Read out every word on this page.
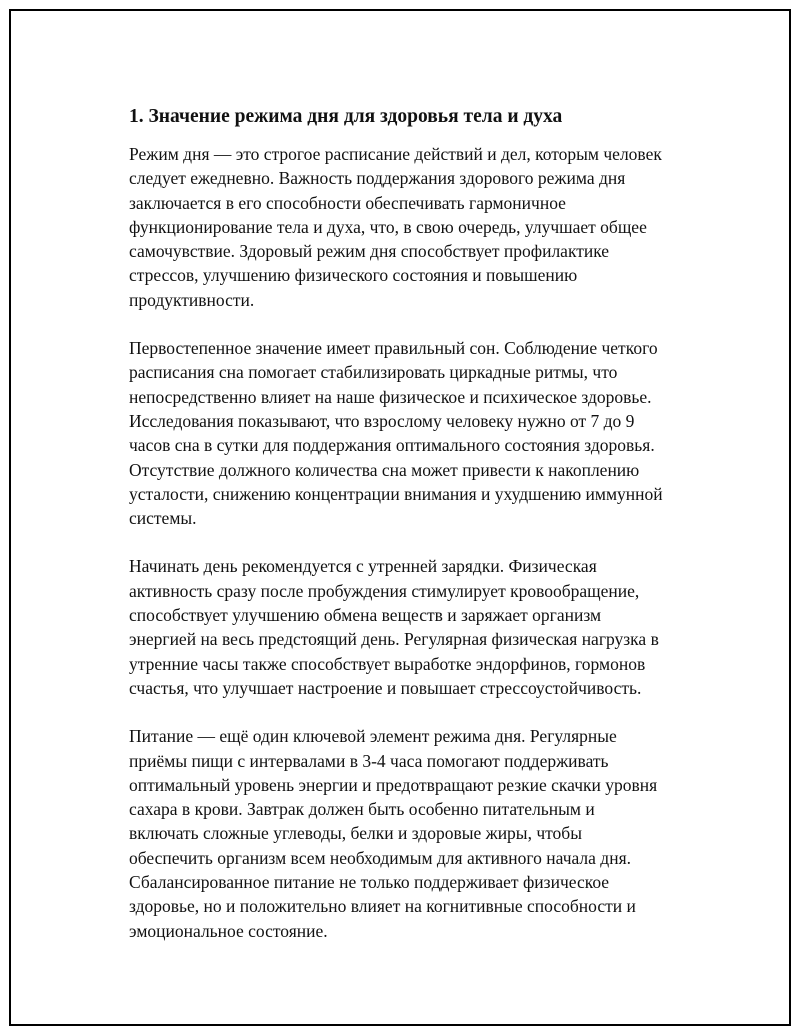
1. Значение режима дня для здоровья тела и духа

Режим дня — это строгое расписание действий и дел, которым человек
следует ежедневно. Важность поддержания здорового режима дня
заключается в его способности обеспечивать гармоничное
функционирование тела и духа, что, в свою очередь, улучшает общее
самочувствие. Здоровый режим дня способствует профилактике
стрессов, улучшению физического состояния и повышению
продуктивности.

Первостепенное значение имеет правильный сон. Соблюдение четкого
расписания сна помогает стабилизировать циркадные ритмы, что
непосредственно влияет на наше физическое и психическое здоровье.
Исследования показывают, что взрослому человеку нужно от 7 до 9
часов сна в сутки для поддержания оптимального состояния здоровья.
Отсутствие должного количества сна может привести к накоплению
усталости, снижению концентрации внимания и ухудшению иммунной
системы.

Начинать день рекомендуется с утренней зарядки. Физическая
активность сразу после пробуждения стимулирует кровообращение,
способствует улучшению обмена веществ и заряжает организм
энергией на весь предстоящий день. Регулярная физическая нагрузка в
утренние часы также способствует выработке эндорфинов, гормонов
счастья, что улучшает настроение и повышает стрессоустойчивость.

Питание — ещё один ключевой элемент режима дня. Регулярные
приёмы пищи с интервалами в 3-4 часа помогают поддерживать
оптимальный уровень энергии и предотвращают резкие скачки уровня
сахара в крови. Завтрак должен быть особенно питательным и
включать сложные углеводы, белки и здоровые жиры, чтобы
обеспечить организм всем необходимым для активного начала дня.
Сбалансированное питание не только поддерживает физическое
здоровье, но и положительно влияет на когнитивные способности и
эмоциональное состояние.
